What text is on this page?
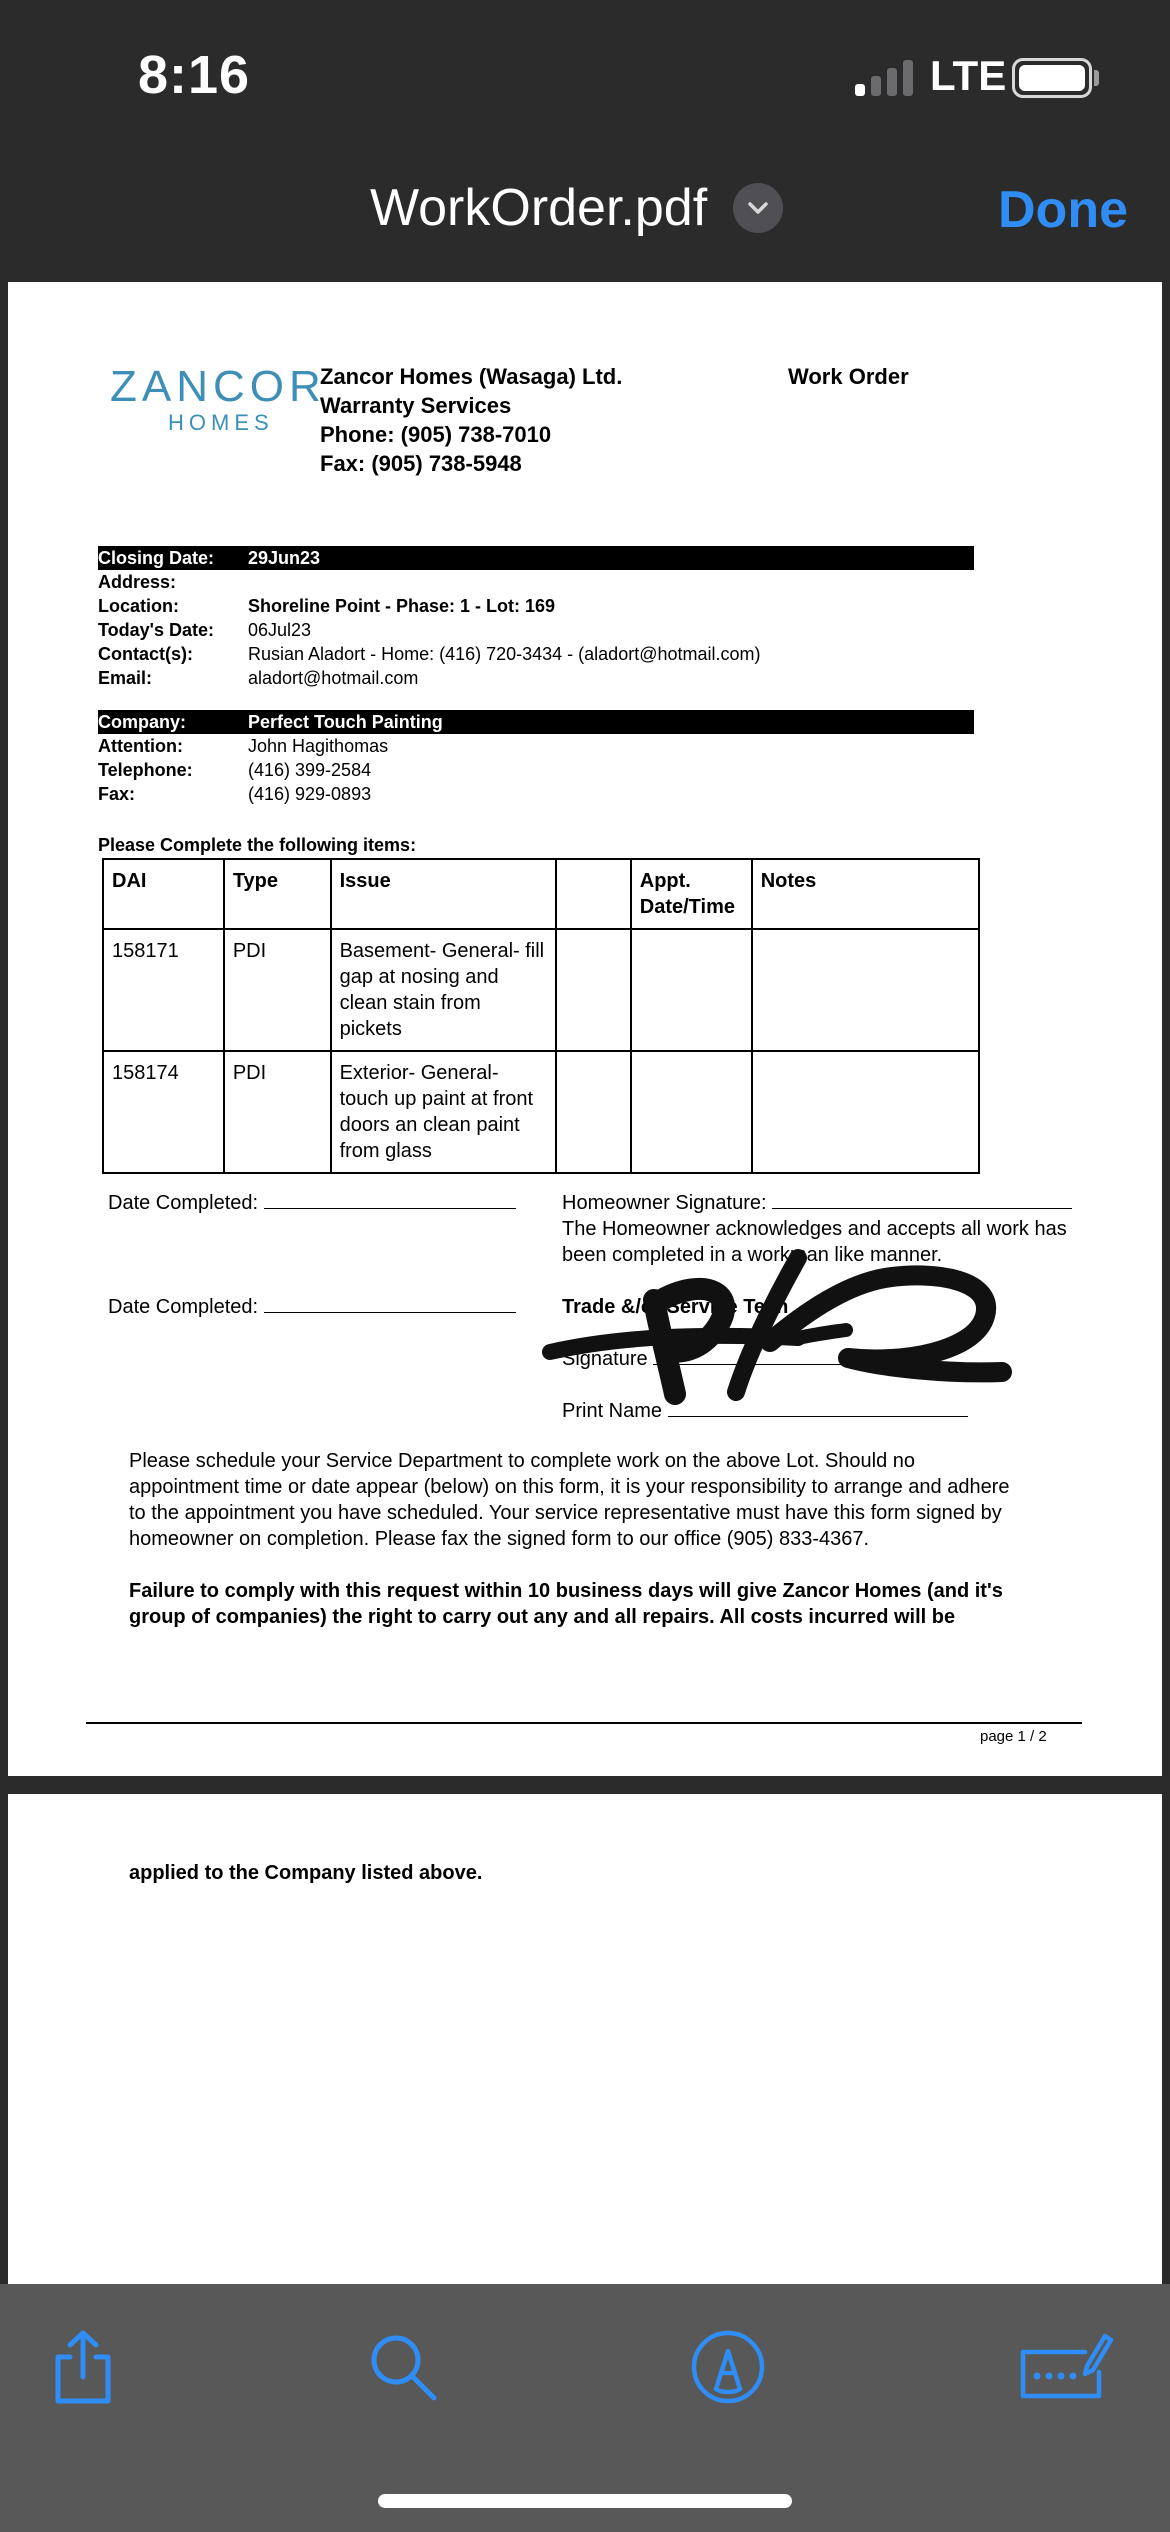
8:16	LTE
WorkOrder.pdf	Done
ZANCOR
HOMES
Zancor Homes (Wasaga) Ltd.
Warranty Services
Phone: (905) 738-7010
Fax: (905) 738-5948
Work Order
Closing Date:	29Jun23
Address:
Location:	Shoreline Point - Phase: 1 - Lot: 169
Today's Date:	06Jul23
Contact(s):	Rusian Aladort - Home: (416) 720-3434 - (aladort@hotmail.com)
Email:	aladort@hotmail.com
Company:	Perfect Touch Painting
Attention:	John Hagithomas
Telephone:	(416) 399-2584
Fax:	(416) 929-0893
Please Complete the following items:
DAI	Type	Issue		Appt. Date/Time	Notes
158171	PDI	Basement- General- fill gap at nosing and clean stain from pickets			
158174	PDI	Exterior- General- touch up paint at front doors an clean paint from glass			
Date Completed:
Date Completed:
Homeowner Signature:
The Homeowner acknowledges and accepts all work has been completed in a workman like manner.
Trade &/or Service Tech
Signature
Print Name
Please schedule your Service Department to complete work on the above Lot. Should no appointment time or date appear (below) on this form, it is your responsibility to arrange and adhere to the appointment you have scheduled. Your service representative must have this form signed by homeowner on completion. Please fax the signed form to our office (905) 833-4367.
Failure to comply with this request within 10 business days will give Zancor Homes (and it's group of companies) the right to carry out any and all repairs. All costs incurred will be
page 1 / 2
applied to the Company listed above.
